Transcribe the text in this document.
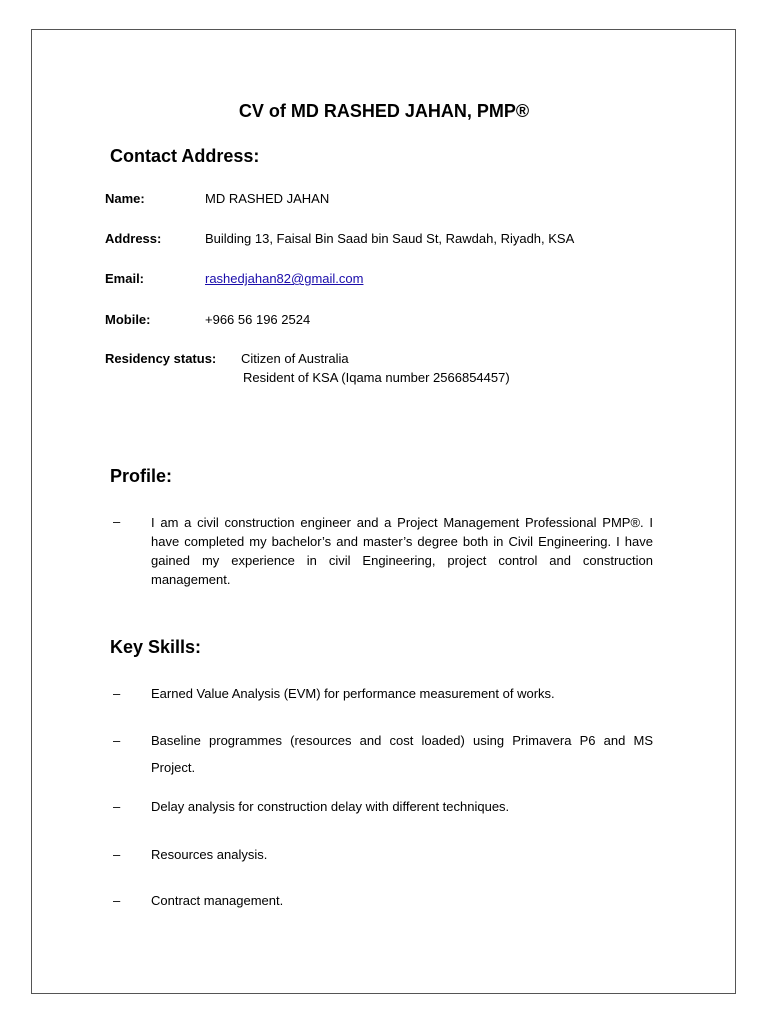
CV of MD RASHED JAHAN, PMP®
Contact Address:
Name:	MD RASHED JAHAN
Address:	Building 13, Faisal Bin Saad bin Saud St, Rawdah, Riyadh, KSA
Email:	rashedjahan82@gmail.com
Mobile:	+966 56 196 2524
Residency status: Citizen of Australia
Resident of KSA (Iqama number 2566854457)
Profile:
– I am a civil construction engineer and a Project Management Professional PMP®. I have completed my bachelor’s and master’s degree both in Civil Engineering. I have gained my experience in civil Engineering, project control and construction management.
Key Skills:
– Earned Value Analysis (EVM) for performance measurement of works.
– Baseline programmes (resources and cost loaded) using Primavera P6 and MS Project.
– Delay analysis for construction delay with different techniques.
– Resources analysis.
– Contract management.
